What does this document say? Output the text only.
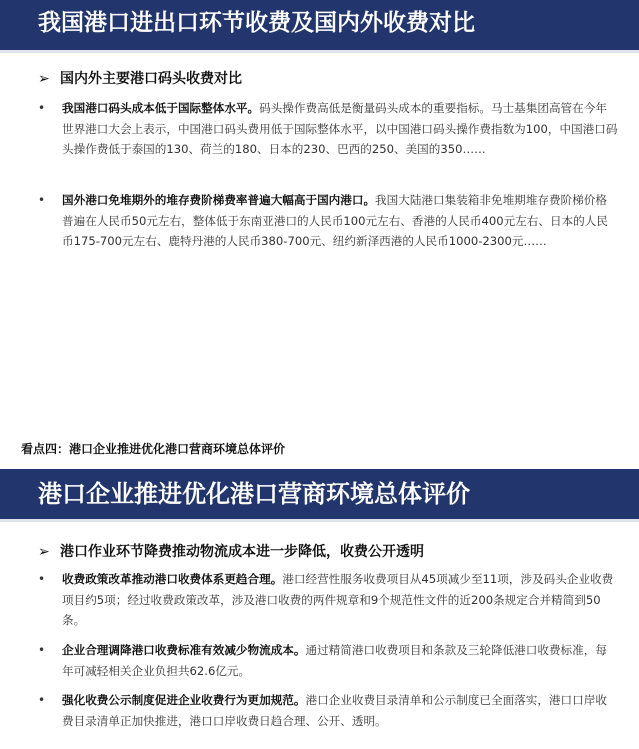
我国港口进出口环节收费及国内外收费对比
➢ 国内外主要港口码头收费对比
•	我国港口码头成本低于国际整体水平。码头操作费高低是衡量码头成本的重要指标。马士基集团高管在今年世界港口大会上表示，中国港口码头费用低于国际整体水平，以中国港口码头操作费指数为100，中国港口码头操作费低于泰国的130、荷兰的180、日本的230、巴西的250、美国的350……
•	国外港口免堆期外的堆存费阶梯费率普遍大幅高于国内港口。我国大陆港口集装箱非免堆期堆存费阶梯价格普遍在人民币50元左右，整体低于东南亚港口的人民币100元左右、香港的人民币400元左右、日本的人民币175-700元左右、鹿特丹港的人民币380-700元、纽约新泽西港的人民币1000-2300元……
看点四：港口企业推进优化港口营商环境总体评价
港口企业推进优化港口营商环境总体评价
➢ 港口作业环节降费推动物流成本进一步降低，收费公开透明
•	收费政策改革推动港口收费体系更趋合理。港口经营性服务收费项目从45项减少至11项，涉及码头企业收费项目约5项；经过收费政策改革，涉及港口收费的两件规章和9个规范性文件的近200条规定合并精简到50条。
•	企业合理调降港口收费标准有效减少物流成本。通过精简港口收费项目和条款及三轮降低港口收费标准，每年可减轻相关企业负担共62.6亿元。
•	强化收费公示制度促进企业收费行为更加规范。港口企业收费目录清单和公示制度已全面落实，港口口岸收费目录清单正加快推进，港口口岸收费日趋合理、公开、透明。
